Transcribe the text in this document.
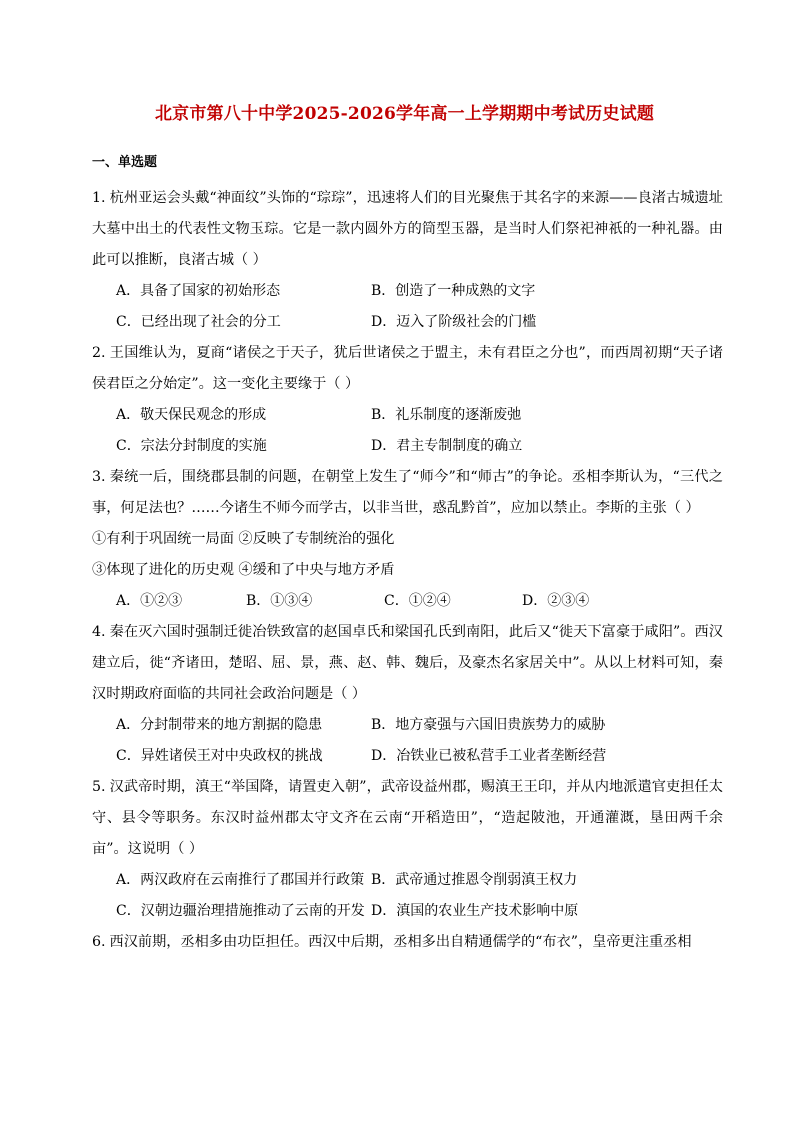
北京市第八十中学2025-2026学年高一上学期期中考试历史试题
一、单选题

1. 杭州亚运会头戴“神面纹”头饰的“琮琮”，迅速将人们的目光聚焦于其名字的来源——良渚古城遗址大墓中出土的代表性文物玉琮。它是一款内圆外方的筒型玉器，是当时人们祭祀神祇的一种礼器。由此可以推断，良渚古城（ ）

A．具备了国家的初始形态	B．创造了一种成熟的文字
C．已经出现了社会的分工	D．迈入了阶级社会的门槛

2. 王国维认为，夏商“诸侯之于天子，犹后世诸侯之于盟主，未有君臣之分也”，而西周初期“天子诸侯君臣之分始定”。这一变化主要缘于（ ）

A．敬天保民观念的形成	B．礼乐制度的逐渐废弛
C．宗法分封制度的实施	D．君主专制制度的确立

3. 秦统一后，围绕郡县制的问题，在朝堂上发生了“师今”和“师古”的争论。丞相李斯认为，“三代之事，何足法也？……今诸生不师今而学古，以非当世，惑乱黔首”，应加以禁止。李斯的主张（ ）

①有利于巩固统一局面 ②反映了专制统治的强化

③体现了进化的历史观 ④缓和了中央与地方矛盾

A．①②③	B．①③④	C．①②④	D．②③④

4. 秦在灭六国时强制迁徙冶铁致富的赵国卓氏和梁国孔氏到南阳，此后又“徙天下富豪于咸阳”。西汉建立后，徙“齐诸田，楚昭、屈、景，燕、赵、韩、魏后，及豪杰名家居关中”。从以上材料可知，秦汉时期政府面临的共同社会政治问题是（ ）

A．分封制带来的地方割据的隐患	B．地方豪强与六国旧贵族势力的威胁
C．异姓诸侯王对中央政权的挑战	D．冶铁业已被私营手工业者垄断经营

5. 汉武帝时期，滇王“举国降，请置吏入朝”，武帝设益州郡，赐滇王王印，并从内地派遣官吏担任太守、县令等职务。东汉时益州郡太守文齐在云南“开稻造田”，“造起陂池，开通灌溉，垦田两千余亩”。这说明（ ）

A．两汉政府在云南推行了郡国并行政策 B．武帝通过推恩令削弱滇王权力
C．汉朝边疆治理措施推动了云南的开发 D．滇国的农业生产技术影响中原

6. 西汉前期，丞相多由功臣担任。西汉中后期，丞相多出自精通儒学的“布衣”，皇帝更注重丞相
